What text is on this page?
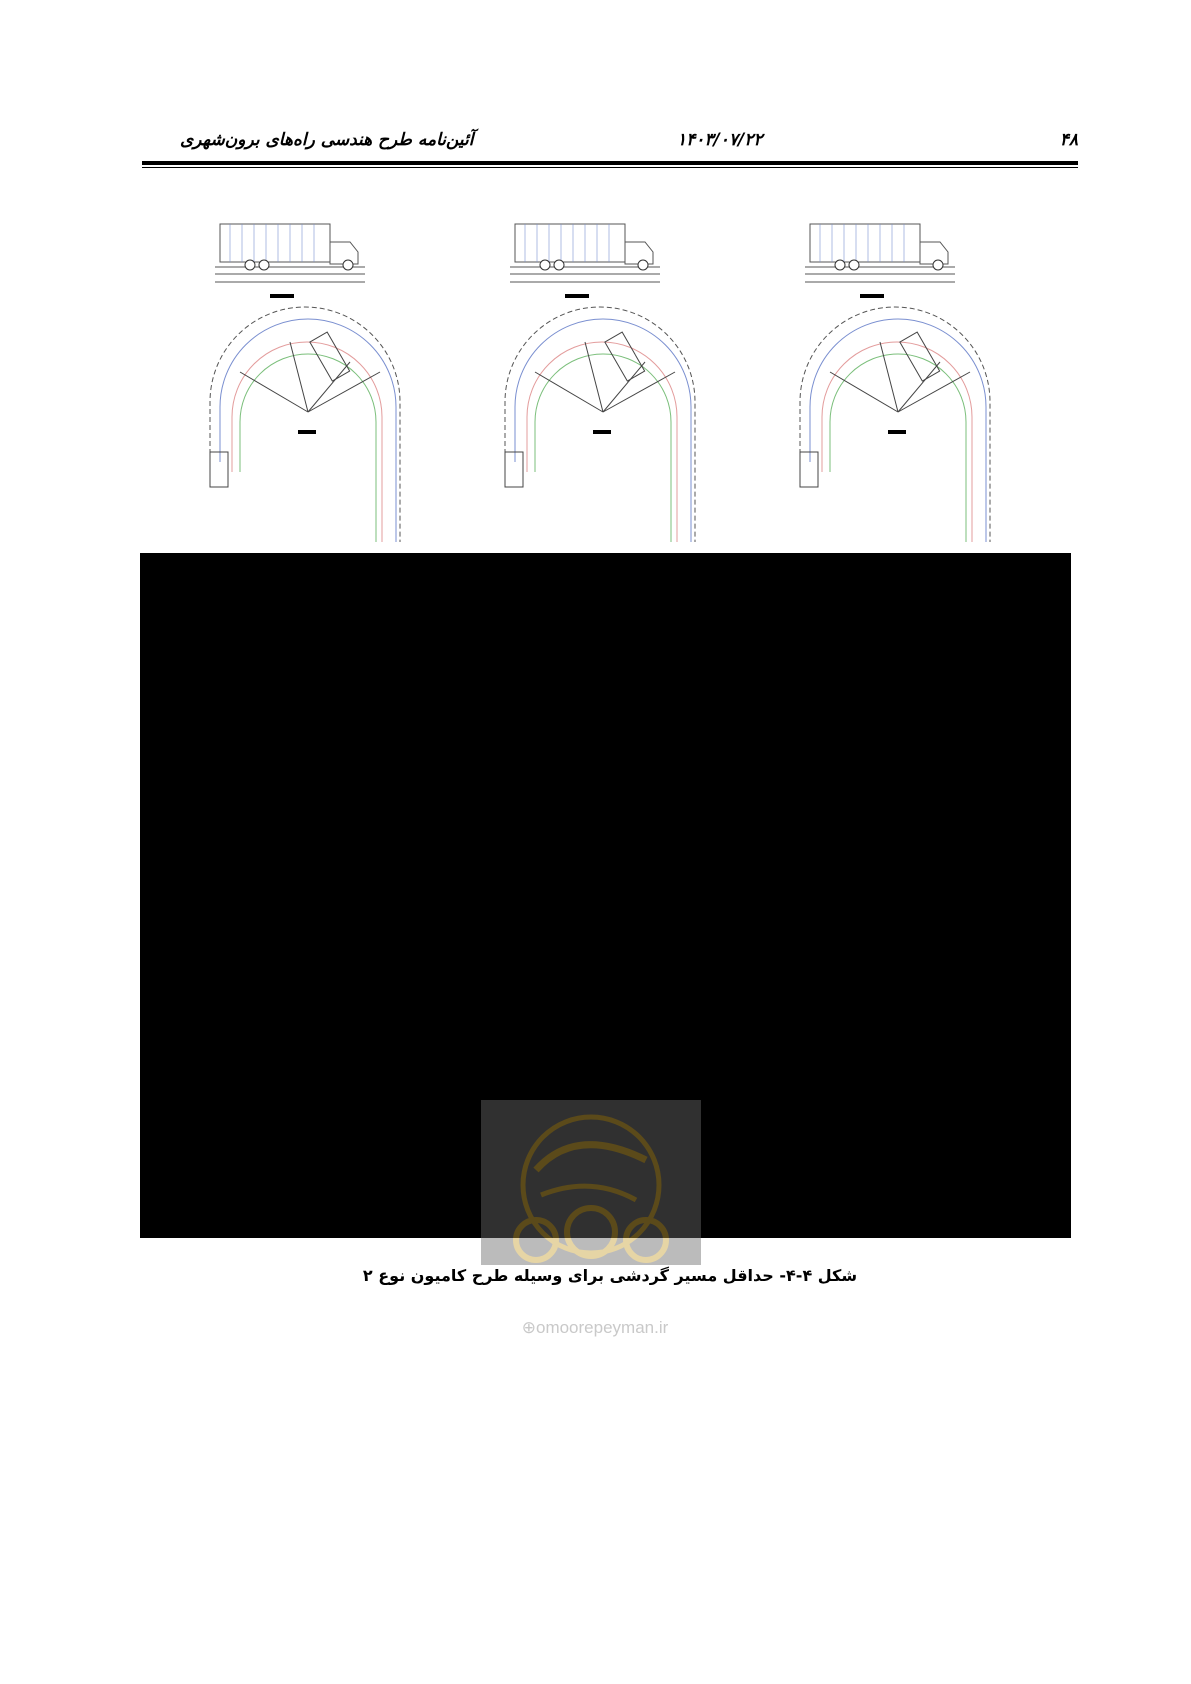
۴۸
۱۴۰۳/۰۷/۲۲
آئین‌نامه طرح هندسی راه‌های برون‌شهری
شکل ۴-۴- حداقل مسیر گردشی برای وسیله طرح کامیون نوع ۲
⊕omoorepeyman.ir
